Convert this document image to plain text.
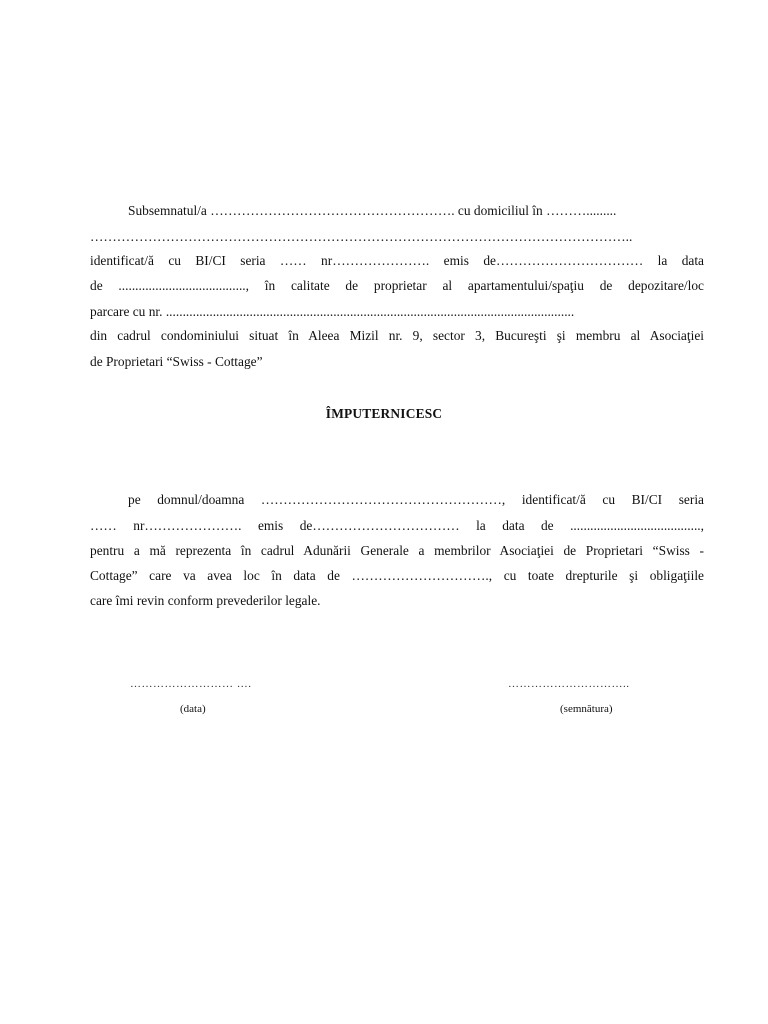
Subsemnatul/a ………………………………………………. cu domiciliul în ……….........
…………………………………………………………………………………………………………..
identificat/ă cu BI/CI seria …… nr…………………. emis de…………………………… la data
de ......................................, în calitate de proprietar al apartamentului/spaţiu de depozitare/loc
parcare cu nr. ..........................................................................................................................
din cadrul condominiului situat în Aleea Mizil nr. 9, sector 3, Bucureşti şi membru al Asociaţiei
de Proprietari “Swiss - Cottage”
ÎMPUTERNICESC
pe domnul/doamna ………………………………………………, identificat/ă cu BI/CI seria
…… nr…………………. emis de…………………………… la data de .......................................,
pentru a mă reprezenta în cadrul Adunării Generale a membrilor Asociaţiei de Proprietari “Swiss -
Cottage” care va avea loc în data de …………………………., cu toate drepturile şi obligaţiile
care îmi revin conform prevederilor legale.
……………………… ….
(data)
…………………………..
(semnătura)
